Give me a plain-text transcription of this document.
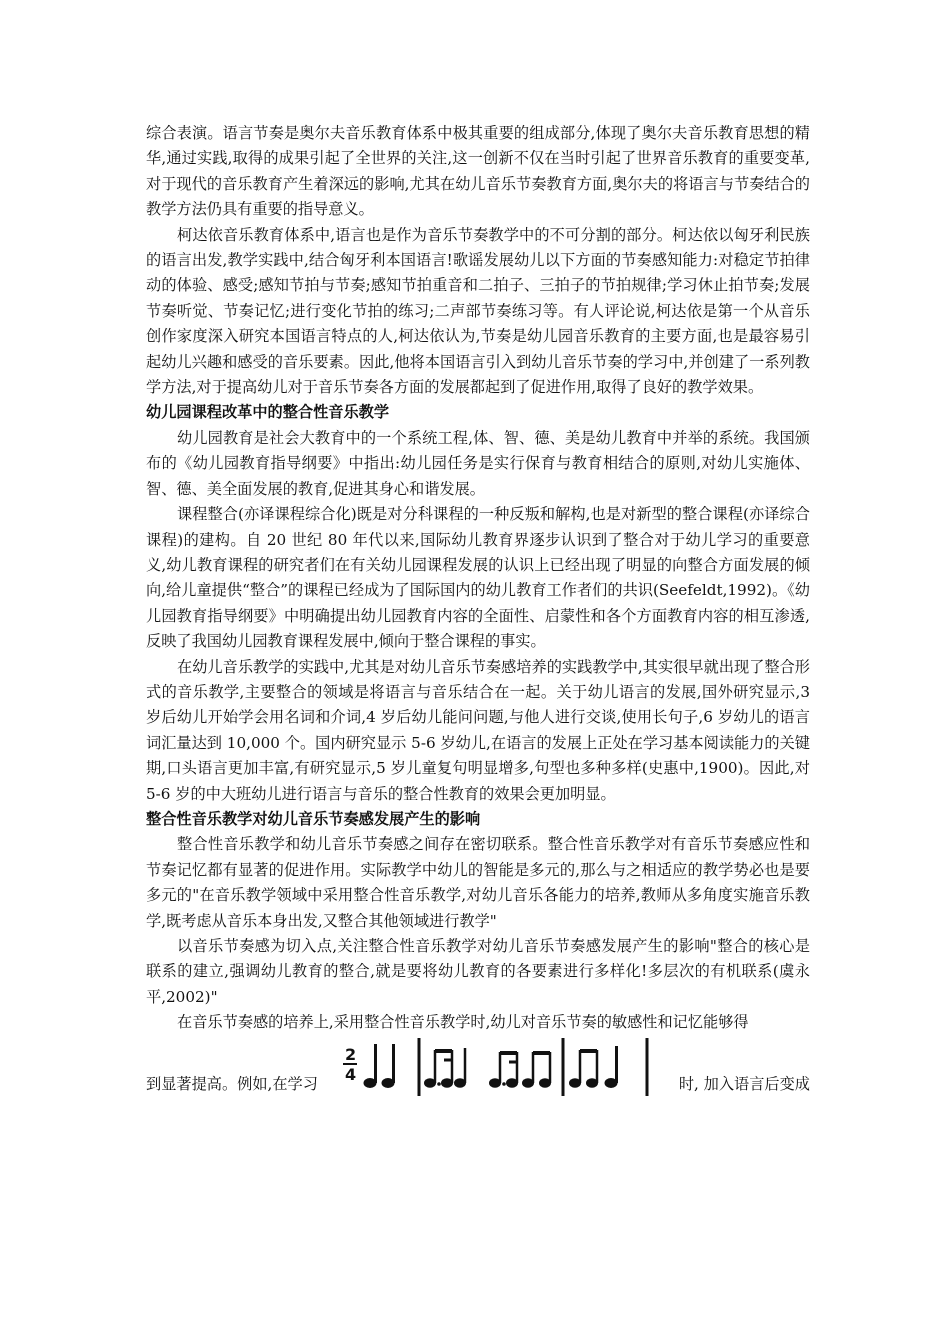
综合表演。语言节奏是奥尔夫音乐教育体系中极其重要的组成部分,体现了奥尔夫音乐教育思想的精华,通过实践,取得的成果引起了全世界的关注,这一创新不仅在当时引起了世界音乐教育的重要变革,对于现代的音乐教育产生着深远的影响,尤其在幼儿音乐节奏教育方面,奥尔夫的将语言与节奏结合的教学方法仍具有重要的指导意义。

柯达依音乐教育体系中,语言也是作为音乐节奏教学中的不可分割的部分。柯达依以匈牙利民族的语言出发,教学实践中,结合匈牙利本国语言!歌谣发展幼儿以下方面的节奏感知能力:对稳定节拍律动的体验、感受;感知节拍与节奏;感知节拍重音和二拍子、三拍子的节拍规律;学习休止拍节奏;发展节奏听觉、节奏记忆;进行变化节拍的练习;二声部节奏练习等。有人评论说,柯达依是第一个从音乐创作家度深入研究本国语言特点的人,柯达依认为,节奏是幼儿园音乐教育的主要方面,也是最容易引起幼儿兴趣和感受的音乐要素。因此,他将本国语言引入到幼儿音乐节奏的学习中,并创建了一系列教学方法,对于提高幼儿对于音乐节奏各方面的发展都起到了促进作用,取得了良好的教学效果。

幼儿园课程改革中的整合性音乐教学

幼儿园教育是社会大教育中的一个系统工程,体、智、德、美是幼儿教育中并举的系统。我国颁布的《幼儿园教育指导纲要》中指出:幼儿园任务是实行保育与教育相结合的原则,对幼儿实施体、智、德、美全面发展的教育,促进其身心和谐发展。

课程整合(亦译课程综合化)既是对分科课程的一种反叛和解构,也是对新型的整合课程(亦译综合课程)的建构。自 20 世纪 80 年代以来,国际幼儿教育界逐步认识到了整合对于幼儿学习的重要意义,幼儿教育课程的研究者们在有关幼儿园课程发展的认识上已经出现了明显的向整合方面发展的倾向,给儿童提供“整合”的课程已经成为了国际国内的幼儿教育工作者们的共识(Seefeldt,1992)。《幼儿园教育指导纲要》中明确提出幼儿园教育内容的全面性、启蒙性和各个方面教育内容的相互渗透,反映了我国幼儿园教育课程发展中,倾向于整合课程的事实。

在幼儿音乐教学的实践中,尤其是对幼儿音乐节奏感培养的实践教学中,其实很早就出现了整合形式的音乐教学,主要整合的领域是将语言与音乐结合在一起。关于幼儿语言的发展,国外研究显示,3 岁后幼儿开始学会用名词和介词,4 岁后幼儿能问问题,与他人进行交谈,使用长句子,6 岁幼儿的语言词汇量达到 10,000 个。国内研究显示 5-6 岁幼儿,在语言的发展上正处在学习基本阅读能力的关键期,口头语言更加丰富,有研究显示,5 岁儿童复句明显增多,句型也多种多样(史惠中,1900)。因此,对 5-6 岁的中大班幼儿进行语言与音乐的整合性教育的效果会更加明显。

整合性音乐教学对幼儿音乐节奏感发展产生的影响

整合性音乐教学和幼儿音乐节奏感之间存在密切联系。整合性音乐教学对有音乐节奏感应性和节奏记忆都有显著的促进作用。实际教学中幼儿的智能是多元的,那么与之相适应的教学势必也是要多元的"在音乐教学领域中采用整合性音乐教学,对幼儿音乐各能力的培养,教师从多角度实施音乐教学,既考虑从音乐本身出发,又整合其他领域进行教学"

以音乐节奏感为切入点,关注整合性音乐教学对幼儿音乐节奏感发展产生的影响"整合的核心是联系的建立,强调幼儿教育的整合,就是要将幼儿教育的各要素进行多样化!多层次的有机联系(虞永平,2002)"

在音乐节奏感的培养上,采用整合性音乐教学时,幼儿对音乐节奏的敏感性和记忆能够得

到显著提高。例如,在学习
2
4
时, 加入语言后变成
